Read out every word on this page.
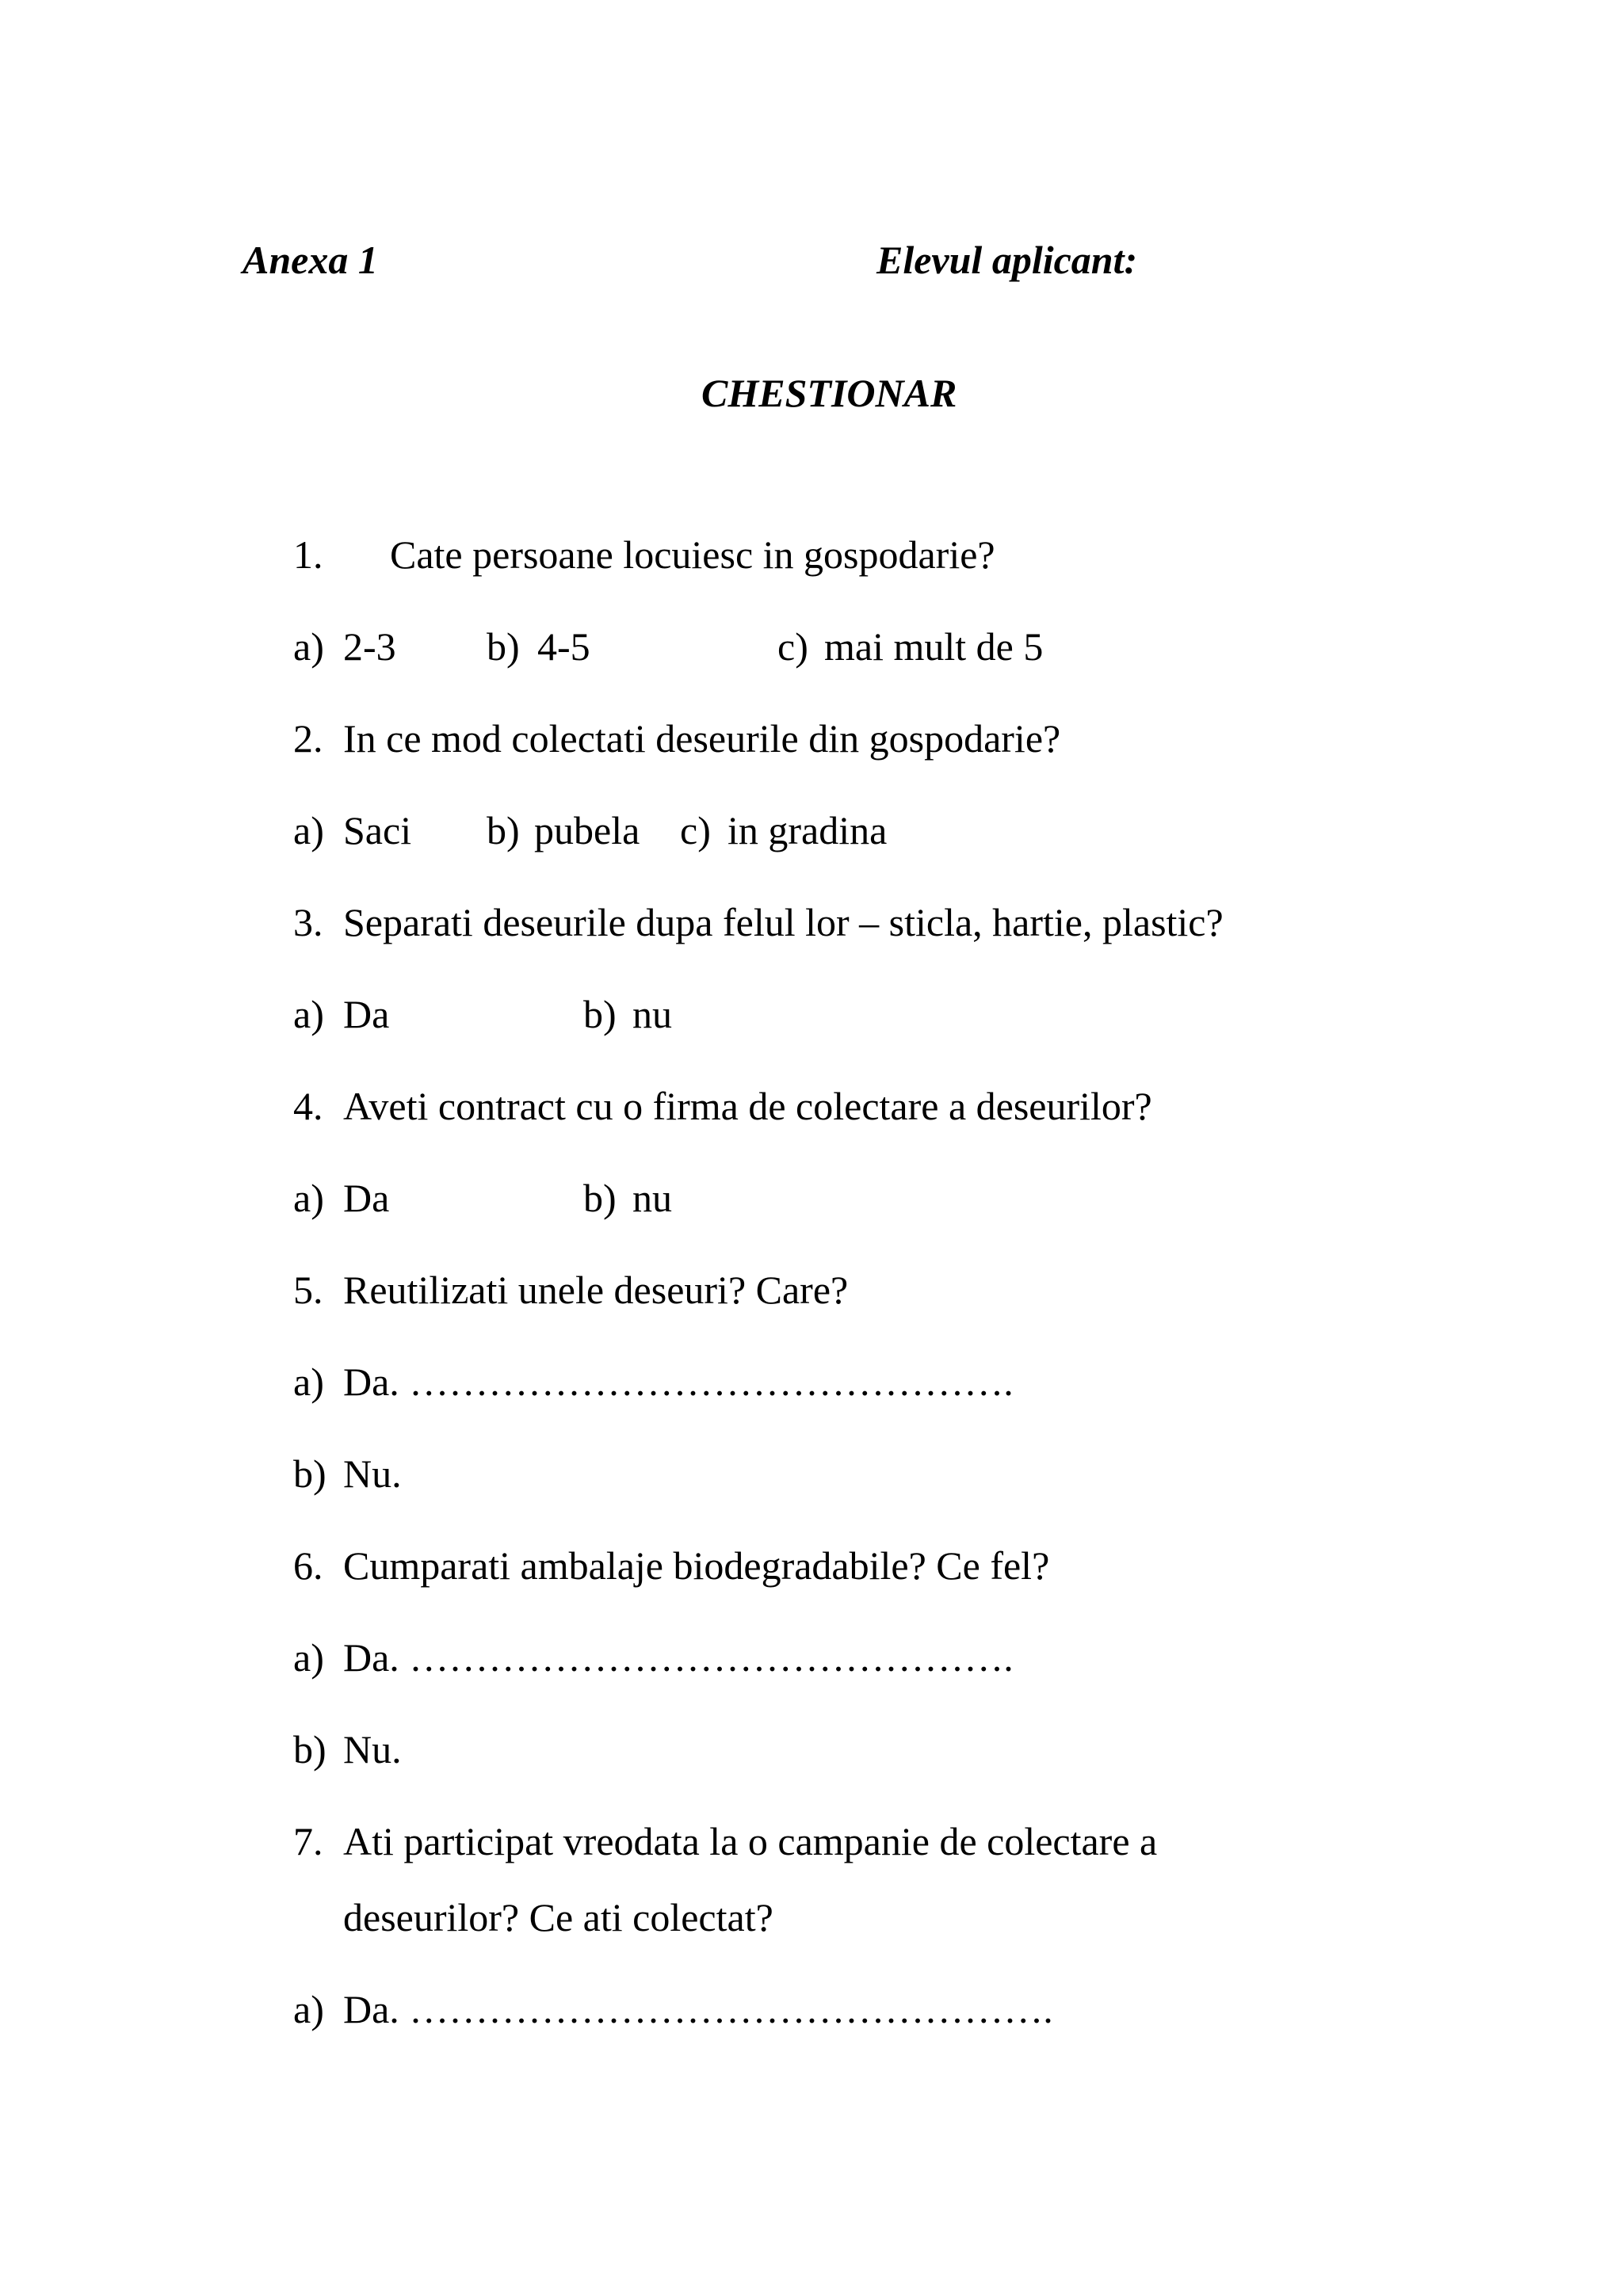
Anexa 1	Elevul aplicant:
CHESTIONAR
1. Cate persoane locuiesc in gospodarie?
a) 2-3 b) 4-5	c) mai mult de 5
2. In ce mod colectati deseurile din gospodarie?
a) Saci b) pubela c) in gradina
3. Separati deseurile dupa felul lor – sticla, hartie, plastic?
a) Da	b) nu
4. Aveti contract cu o firma de colectare a deseurilor?
a) Da	b) nu
5. Reutilizati unele deseuri? Care?
a) Da. ……………………………………….
b) Nu.
6. Cumparati ambalaje biodegradabile? Ce fel?
a) Da. ……………………………………….
b) Nu.
7. Ati participat vreodata la o campanie de colectare a
deseurilor? Ce ati colectat?
a) Da. ………………………………………….
